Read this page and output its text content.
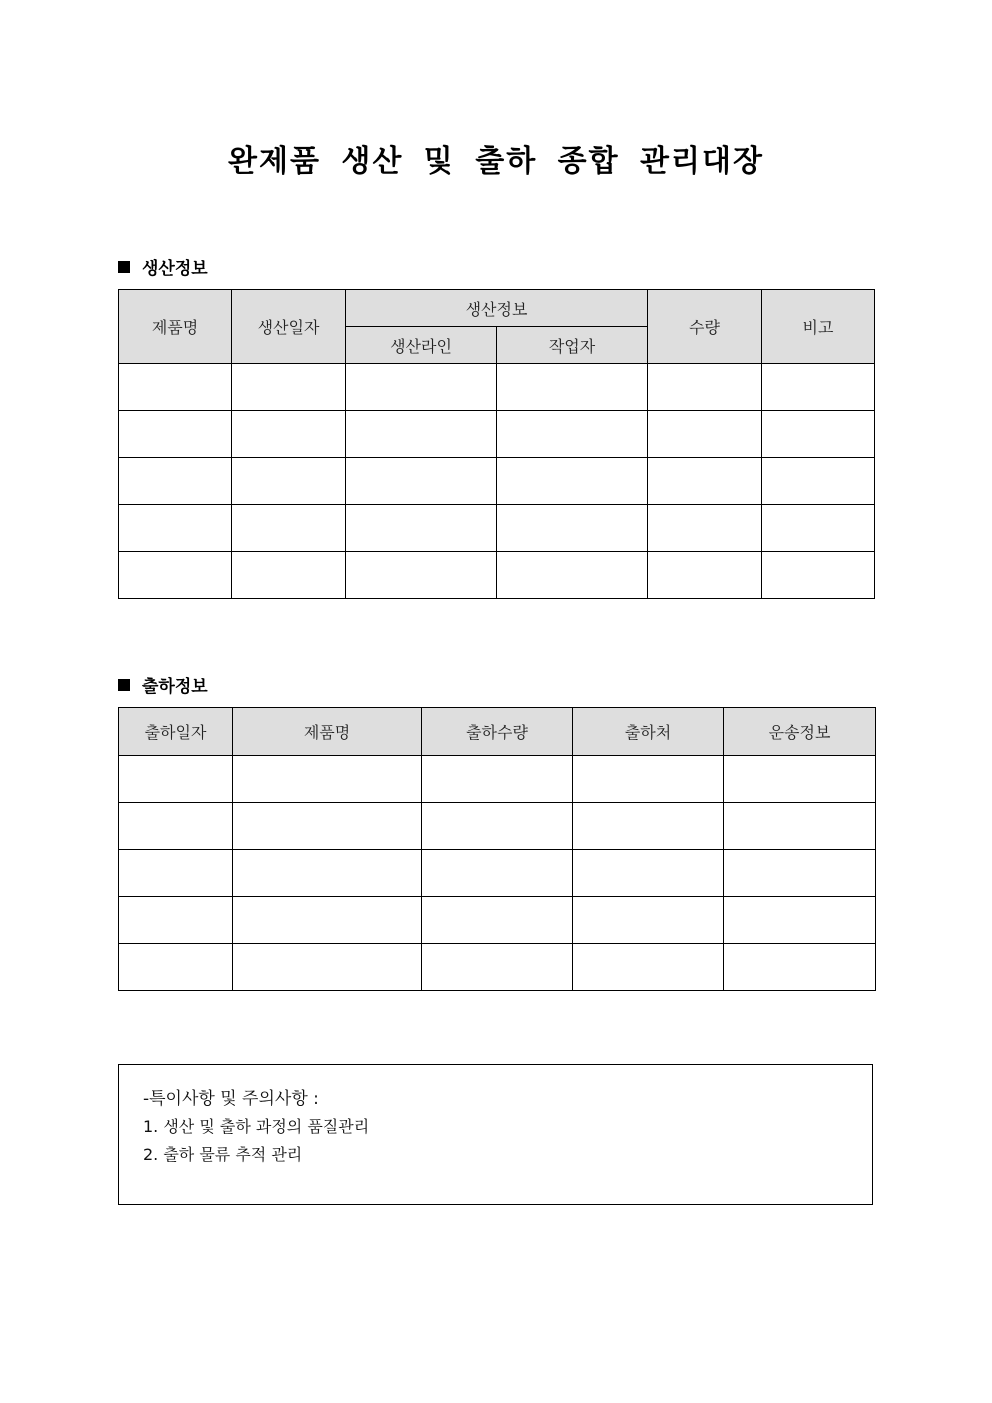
완제품 생산 및 출하 종합 관리대장
생산정보
제품명	생산일자	생산정보		수량	비고
		생산라인	작업자		

출하정보
출하일자	제품명	출하수량	출하처	운송정보

-특이사항 및 주의사항 :
1. 생산 및 출하 과정의 품질관리
2. 출하 물류 추적 관리
